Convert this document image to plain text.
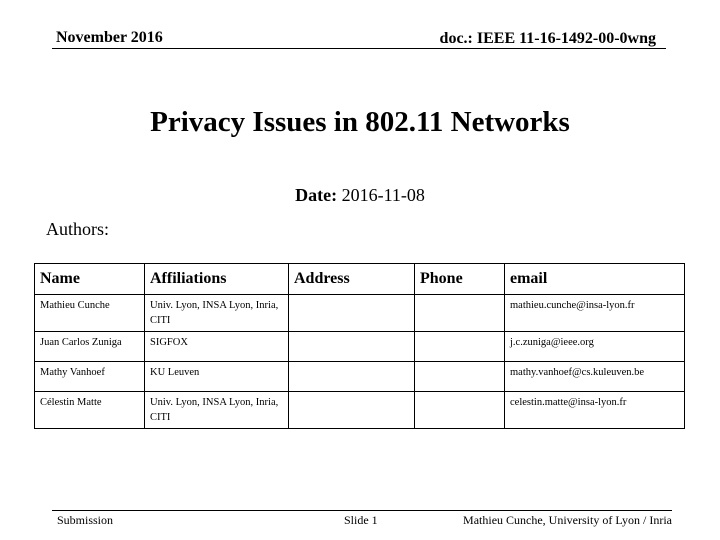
November 2016	doc.: IEEE 11-16-1492-00-0wng
Privacy Issues in 802.11 Networks
Date: 2016-11-08
Authors:
Name	Affiliations	Address	Phone	email
Mathieu Cunche	Univ. Lyon, INSA Lyon, Inria, CITI			mathieu.cunche@insa-lyon.fr
Juan Carlos Zuniga	SIGFOX			j.c.zuniga@ieee.org
Mathy Vanhoef	KU Leuven			mathy.vanhoef@cs.kuleuven.be
Célestin Matte	Univ. Lyon, INSA Lyon, Inria, CITI			celestin.matte@insa-lyon.fr
Submission	Slide 1	Mathieu Cunche, University of Lyon / Inria
